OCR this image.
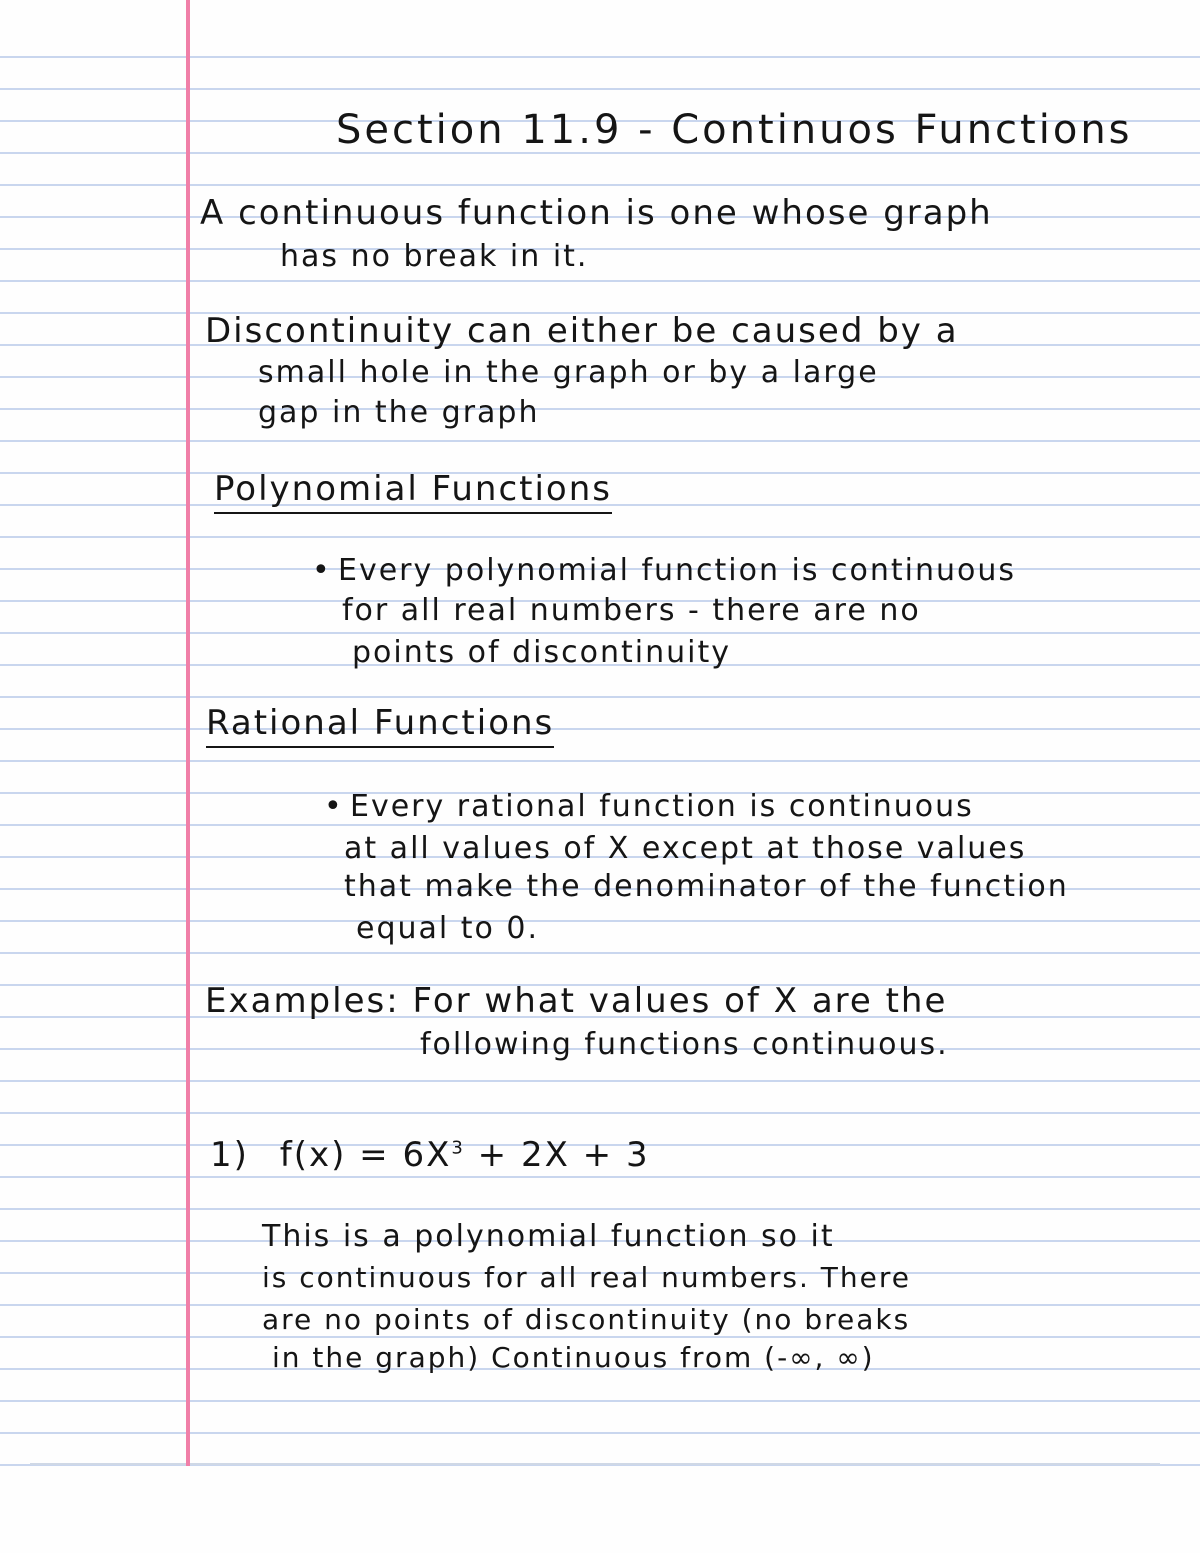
Section 11.9 - Continuos Functions

A continuous function is one whose graph

has no break in it.

Discontinuity can either be caused by a

small hole in the graph or by a large

gap in the graph

Polynomial Functions

• Every polynomial function is continuous

for all real numbers - there are no

points of discontinuity

Rational Functions

• Every rational function is continuous

at all values of X except at those values

that make the denominator of the function

equal to 0.

Examples: For what values of X are the

following functions continuous.

1) $f(x) = 6X^3 + 2X + 3$

This is a polynomial function so it

is continuous for all real numbers. There

are no points of discontinuity (no breaks

in the graph) Continuous from (-∞, ∞)
